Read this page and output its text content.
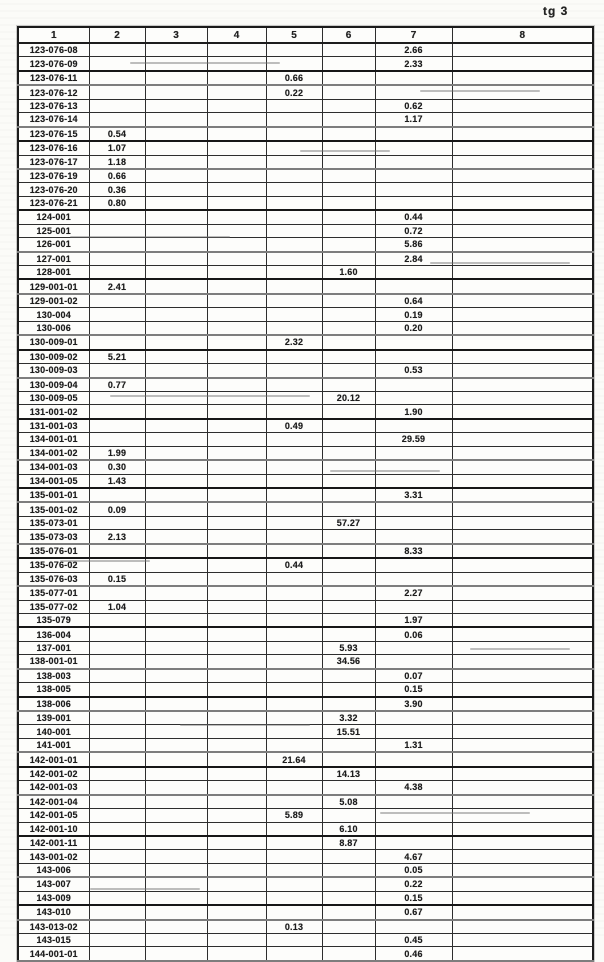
tg 3
1	2	3	4	5	6	7	8
123-076-08						2.66	
123-076-09						2.33	
123-076-11				0.66			
123-076-12				0.22			
123-076-13						0.62	
123-076-14						1.17	
123-076-15	0.54						
123-076-16	1.07						
123-076-17	1.18						
123-076-19	0.66						
123-076-20	0.36						
123-076-21	0.80						
124-001						0.44	
125-001						0.72	
126-001						5.86	
127-001						2.84	
128-001					1.60		
129-001-01	2.41						
129-001-02						0.64	
130-004						0.19	
130-006						0.20	
130-009-01				2.32			
130-009-02	5.21						
130-009-03						0.53	
130-009-04	0.77						
130-009-05					20.12		
131-001-02						1.90	
131-001-03				0.49			
134-001-01						29.59	
134-001-02	1.99						
134-001-03	0.30						
134-001-05	1.43						
135-001-01						3.31	
135-001-02	0.09						
135-073-01					57.27		
135-073-03	2.13						
135-076-01						8.33	
135-076-02				0.44			
135-076-03	0.15						
135-077-01						2.27	
135-077-02	1.04						
135-079						1.97	
136-004						0.06	
137-001					5.93		
138-001-01					34.56		
138-003						0.07	
138-005						0.15	
138-006						3.90	
139-001					3.32		
140-001					15.51		
141-001						1.31	
142-001-01				21.64			
142-001-02					14.13		
142-001-03						4.38	
142-001-04					5.08		
142-001-05				5.89			
142-001-10					6.10		
142-001-11					8.87		
143-001-02						4.67	
143-006						0.05	
143-007						0.22	
143-009						0.15	
143-010						0.67	
143-013-02				0.13			
143-015						0.45	
144-001-01						0.46	
